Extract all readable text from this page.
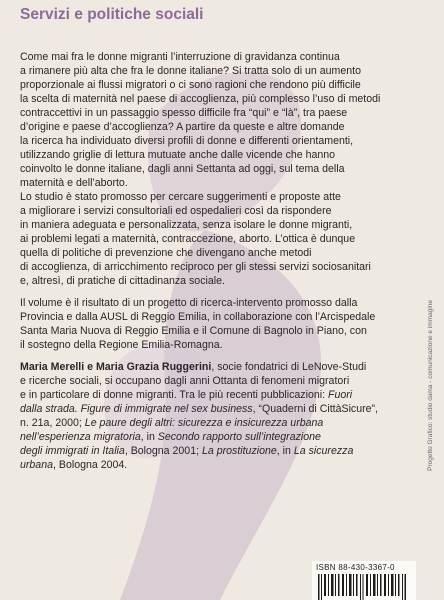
Servizi e politiche sociali

Come mai fra le donne migranti l’interruzione di gravidanza continua
a rimanere più alta che fra le donne italiane? Si tratta solo di un aumento
proporzionale ai flussi migratori o ci sono ragioni che rendono più difficile
la scelta di maternità nel paese di accoglienza, più complesso l’uso di metodi
contraccettivi in un passaggio spesso difficile fra “qui” e “là”, tra paese
d’origine e paese d’accoglienza? A partire da queste e altre domande
la ricerca ha individuato diversi profili di donne e differenti orientamenti,
utilizzando griglie di lettura mutuate anche dalle vicende che hanno
coinvolto le donne italiane, dagli anni Settanta ad oggi, sul tema della
maternità e dell’aborto.

Lo studio è stato promosso per cercare suggerimenti e proposte atte
a migliorare i servizi consultoriali ed ospedalieri così da rispondere
in maniera adeguata e personalizzata, senza isolare le donne migranti,
ai problemi legati a maternità, contraccezione, aborto. L’ottica è dunque
quella di politiche di prevenzione che divengano anche metodi
di accoglienza, di arricchimento reciproco per gli stessi servizi sociosanitari
e, altresì, di pratiche di cittadinanza sociale.

Il volume è il risultato di un progetto di ricerca-intervento promosso dalla
Provincia e dalla AUSL di Reggio Emilia, in collaborazione con l’Arcispedale
Santa Maria Nuova di Reggio Emilia e il Comune di Bagnolo in Piano, con
il sostegno della Regione Emilia-Romagna.

Maria Merelli e Maria Grazia Ruggerini, socie fondatrici di LeNove-Studi
e ricerche sociali, si occupano dagli anni Ottanta di fenomeni migratori
e in particolare di donne migranti. Tra le più recenti pubblicazioni: Fuori
dalla strada. Figure di immigrate nel sex business, “Quaderni di CittàSicure”,
n. 21a, 2000; Le paure degli altri: sicurezza e insicurezza urbana
nell’esperienza migratoria, in Secondo rapporto sull’integrazione
degli immigrati in Italia, Bologna 2001; La prostituzione, in La sicurezza
urbana, Bologna 2004.	Progetto Grafico: studio dama - comunicazione e immagine
ISBN 88-430-3367-0
